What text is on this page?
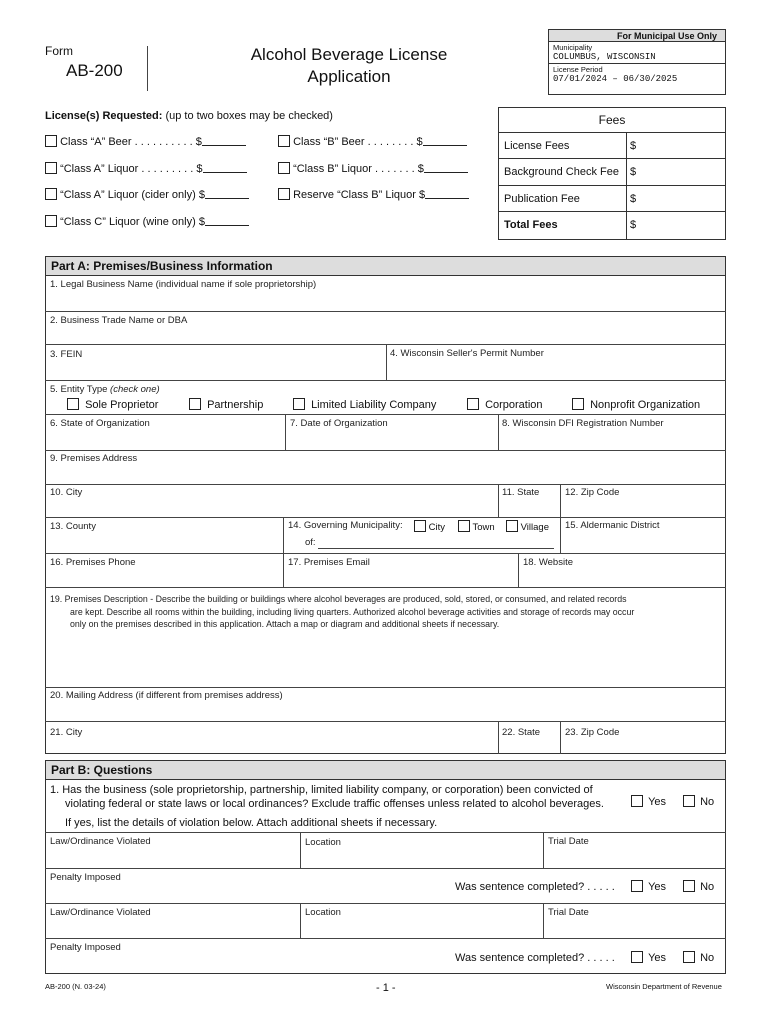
Form
AB-200
Alcohol Beverage License
Application
For Municipal Use Only
Municipality
COLUMBUS, WISCONSIN
License Period
07/01/2024 – 06/30/2025
License(s) Requested: (up to two boxes may be checked)
Class “A” Beer . . . . . . . . . . $	Class “B” Beer . . . . . . . . $
“Class A” Liquor . . . . . . . . . $	“Class B” Liquor . . . . . . . $
“Class A” Liquor (cider only) $	Reserve “Class B” Liquor $
“Class C” Liquor (wine only) $
Fees
License Fees	$
Background Check Fee	$
Publication Fee	$
Total Fees	$
Part A: Premises/Business Information
1. Legal Business Name (individual name if sole proprietorship)
2. Business Trade Name or DBA
3. FEIN	4. Wisconsin Seller's Permit Number
5. Entity Type (check one)
Sole Proprietor	Partnership	Limited Liability Company	Corporation	Nonprofit Organization
6. State of Organization	7. Date of Organization	8. Wisconsin DFI Registration Number
9. Premises Address
10. City	11. State	12. Zip Code
13. County	14. Governing Municipality:	City	Town	Village
of:
15. Aldermanic District
16. Premises Phone	17. Premises Email	18. Website
19. Premises Description - Describe the building or buildings where alcohol beverages are produced, sold, stored, or consumed, and related records
are kept. Describe all rooms within the building, including living quarters. Authorized alcohol beverage activities and storage of records may occur
only on the premises described in this application. Attach a map or diagram and additional sheets if necessary.
20. Mailing Address (if different from premises address)
21. City	22. State	23. Zip Code
Part B: Questions
1. Has the business (sole proprietorship, partnership, limited liability company, or corporation) been convicted of
violating federal or state laws or local ordinances? Exclude traffic offenses unless related to alcohol beverages.	Yes	No
If yes, list the details of violation below. Attach additional sheets if necessary.
Law/Ordinance Violated	Location	Trial Date
Penalty Imposed
Was sentence completed? . . . . .	Yes	No
Law/Ordinance Violated	Location	Trial Date
Penalty Imposed
Was sentence completed? . . . . .	Yes	No
AB-200 (N. 03-24)	- 1 -	Wisconsin Department of Revenue
